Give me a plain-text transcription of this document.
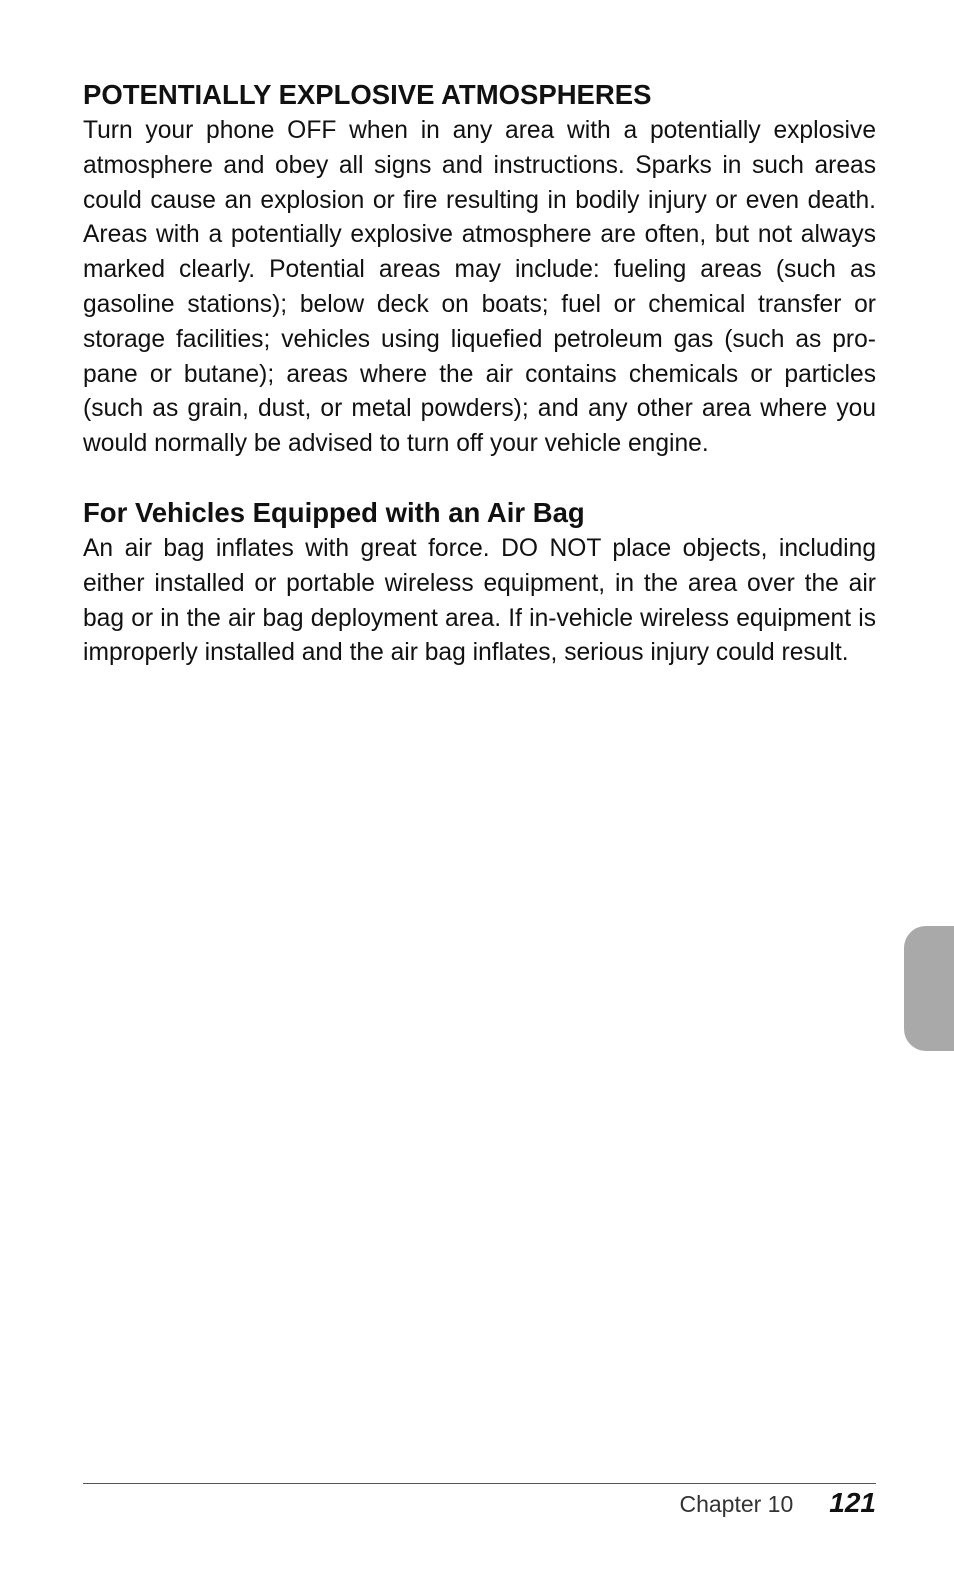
POTENTIALLY EXPLOSIVE ATMOSPHERES

Turn your phone OFF when in any area with a potentially explosive atmosphere and obey all signs and instructions. Sparks in such areas could cause an explosion or fire resulting in bodily injury or even death. Areas with a potentially explosive atmosphere are often, but not always marked clearly. Potential areas may include: fueling areas (such as gasoline stations); below deck on boats; fuel or chemical transfer or storage facilities; vehicles using liquefied petroleum gas (such as propane or butane); areas where the air contains chemicals or particles (such as grain, dust, or metal powders); and any other area where you would normally be advised to turn off your vehicle engine.

For Vehicles Equipped with an Air Bag

An air bag inflates with great force. DO NOT place objects, including either installed or portable wireless equipment, in the area over the air bag or in the air bag deployment area. If in-vehicle wireless equipment is improperly installed and the air bag inflates, serious injury could result.

Chapter 10 121
